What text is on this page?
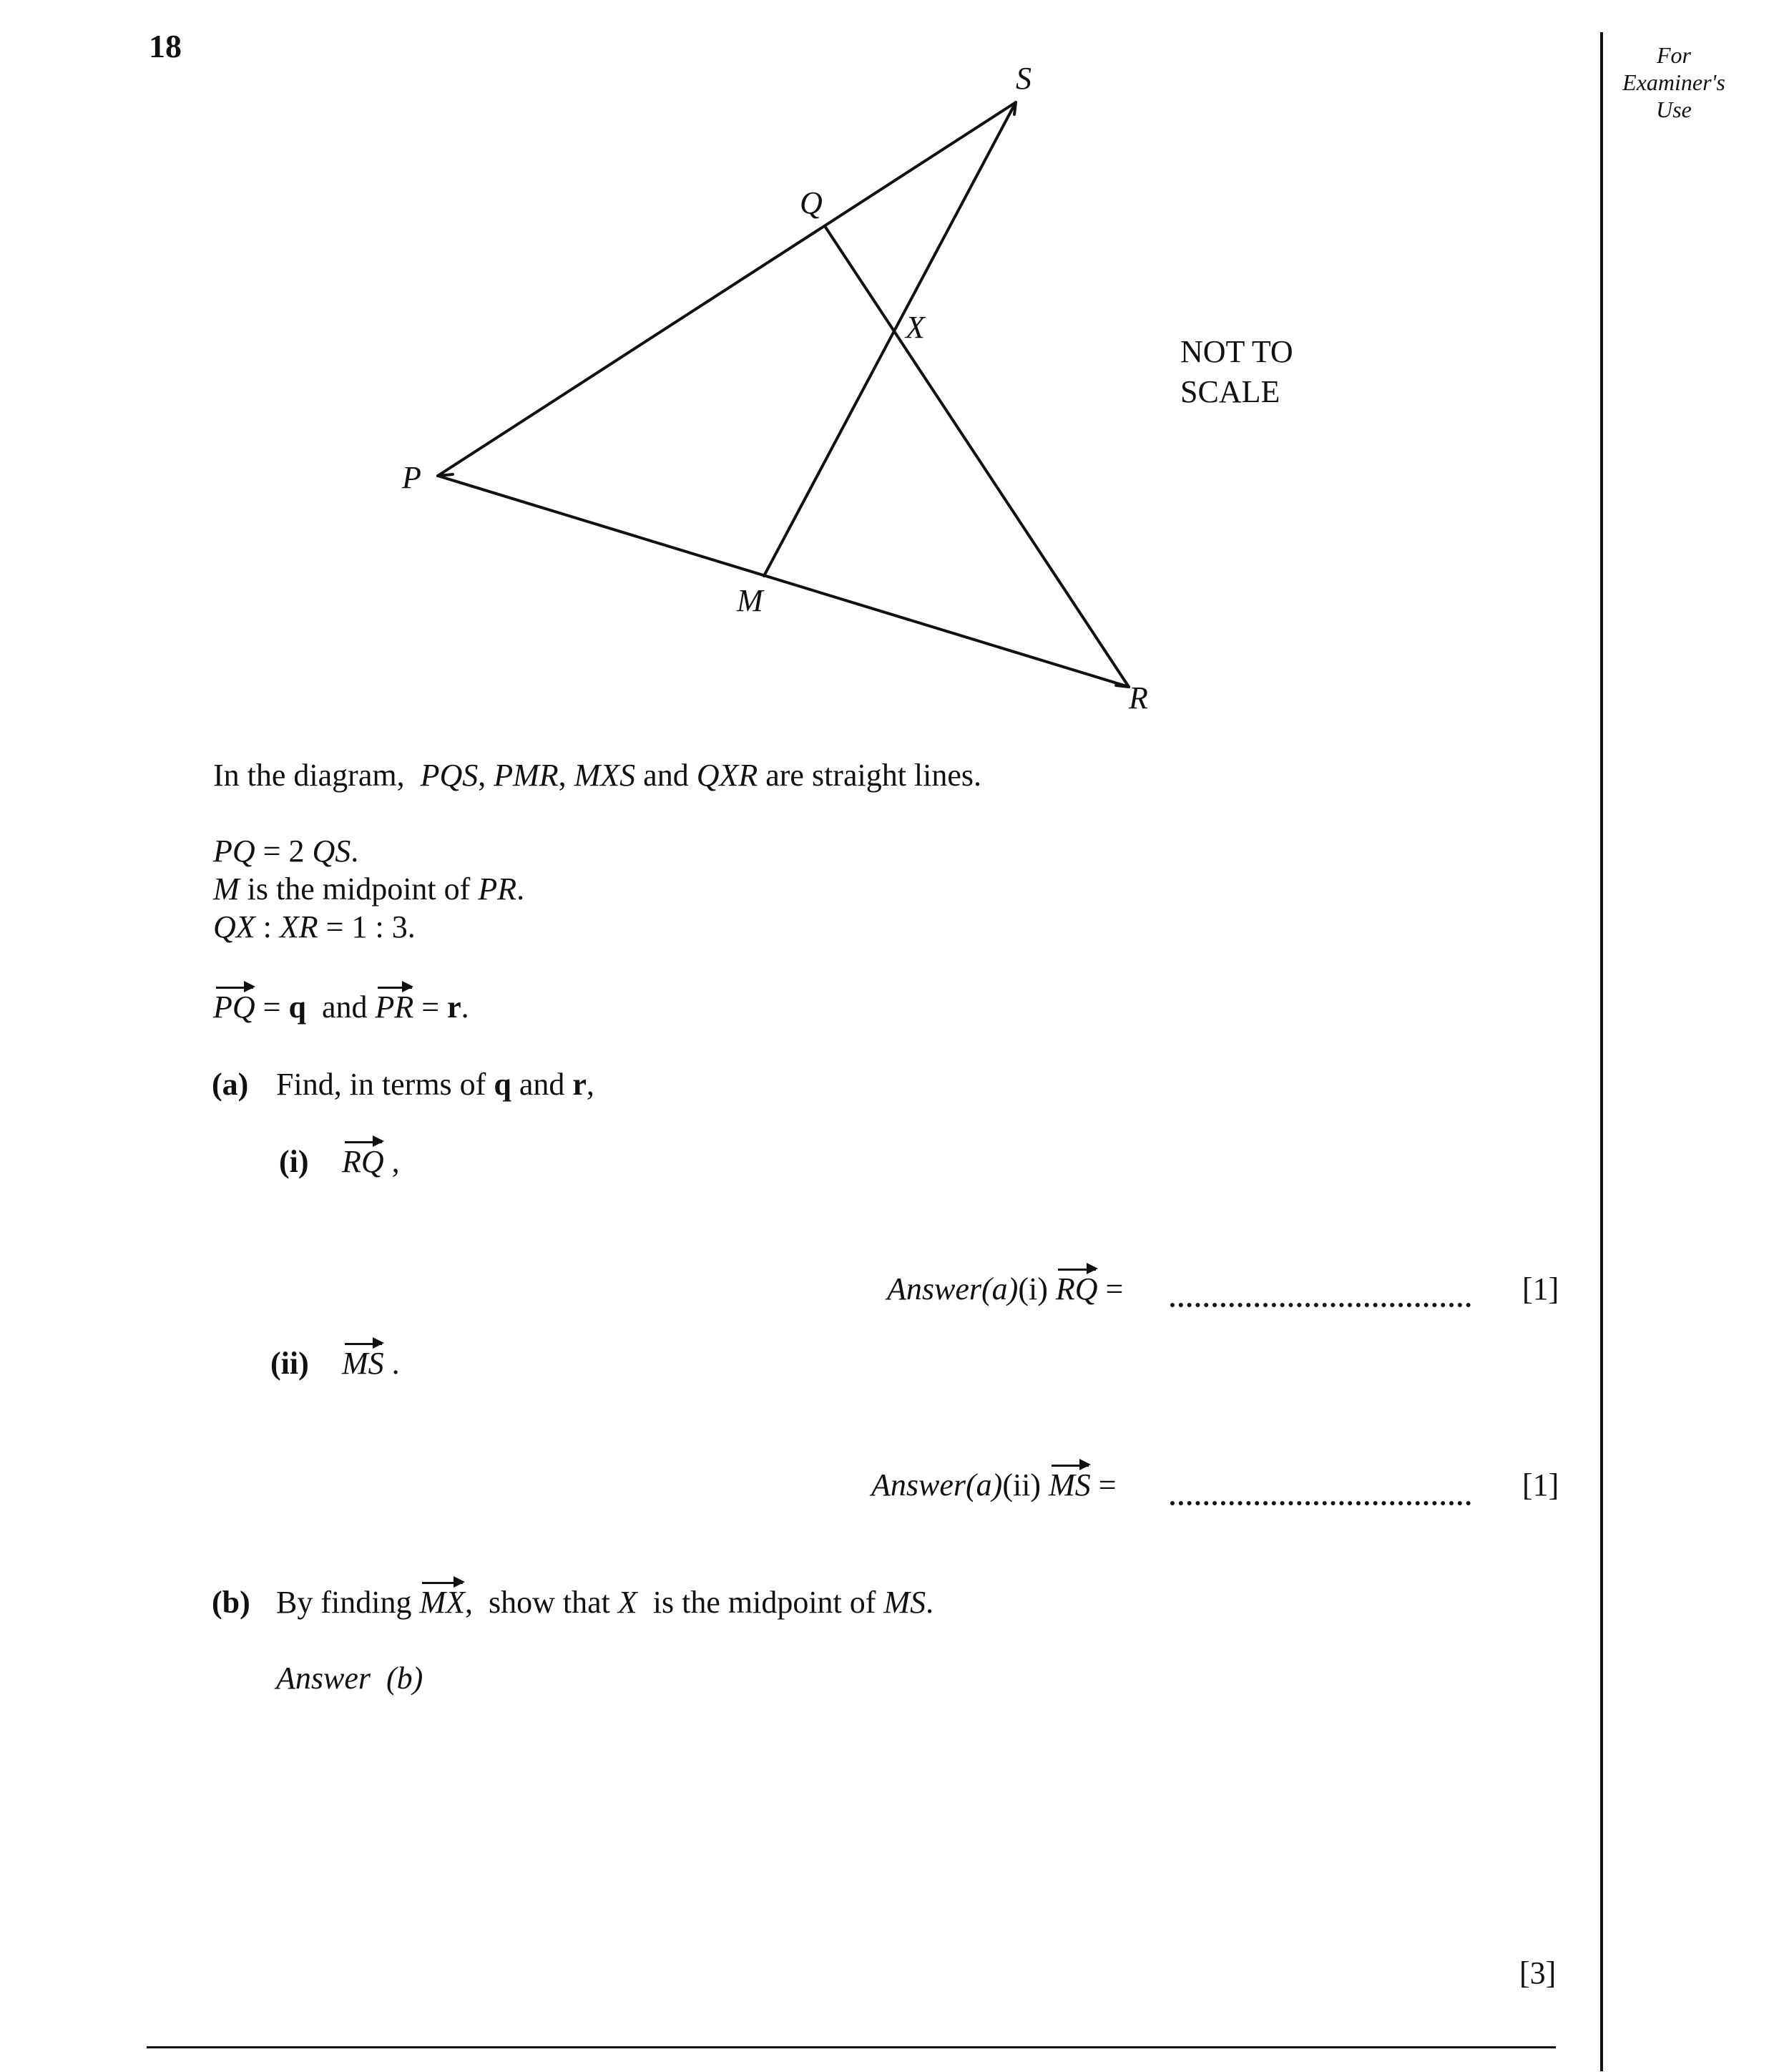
18	For
Examiner's
Use
S
Q
X
P
M
R
NOT TO
SCALE
In the diagram, PQS, PMR, MXS and QXR are straight lines.
PQ = 2 QS.
M is the midpoint of PR.
QX : XR = 1 : 3.
PQ = q and PR = r.
(a) Find, in terms of q and r,
(i) RQ ,
Answer(a)(i) RQ =	[1]
(ii) MS .
Answer(a)(ii) MS =	[1]
(b) By finding MX,  show that X  is the midpoint of MS.
Answer  (b)
[3]
